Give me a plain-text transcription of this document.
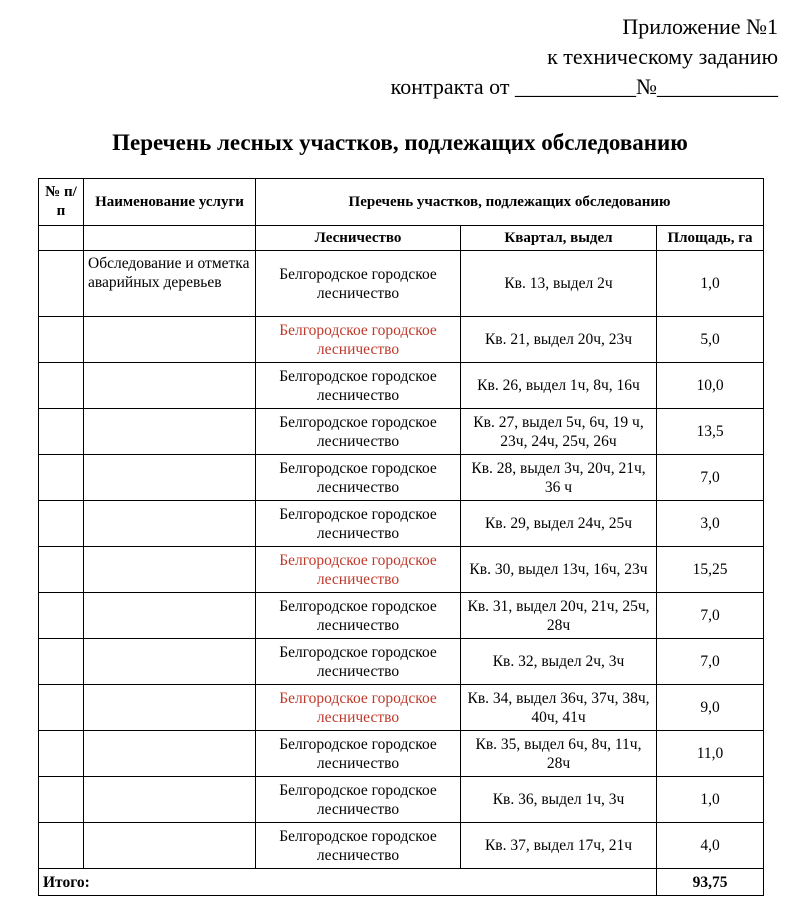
Приложение №1
к техническому заданию
контракта от ___________№___________
Перечень лесных участков, подлежащих обследованию
№ п/п	Наименование услуги	Перечень участков, подлежащих обследованию		
		Лесничество	Квартал, выдел	Площадь, га
	Обследование и отметка аварийных деревьев	Белгородское городское лесничество	Кв. 13, выдел 2ч	1,0
		Белгородское городское лесничество	Кв. 21, выдел 20ч, 23ч	5,0
		Белгородское городское лесничество	Кв. 26, выдел 1ч, 8ч, 16ч	10,0
		Белгородское городское лесничество	Кв. 27, выдел 5ч, 6ч, 19 ч, 23ч, 24ч, 25ч, 26ч	13,5
		Белгородское городское лесничество	Кв. 28, выдел 3ч, 20ч, 21ч, 36 ч	7,0
		Белгородское городское лесничество	Кв. 29, выдел 24ч, 25ч	3,0
		Белгородское городское лесничество	Кв. 30, выдел 13ч, 16ч, 23ч	15,25
		Белгородское городское лесничество	Кв. 31, выдел 20ч, 21ч, 25ч, 28ч	7,0
		Белгородское городское лесничество	Кв. 32, выдел 2ч, 3ч	7,0
		Белгородское городское лесничество	Кв. 34, выдел 36ч, 37ч, 38ч, 40ч, 41ч	9,0
		Белгородское городское лесничество	Кв. 35, выдел 6ч, 8ч, 11ч, 28ч	11,0
		Белгородское городское лесничество	Кв. 36, выдел 1ч, 3ч	1,0
		Белгородское городское лесничество	Кв. 37, выдел 17ч, 21ч	4,0
Итого:				93,75
